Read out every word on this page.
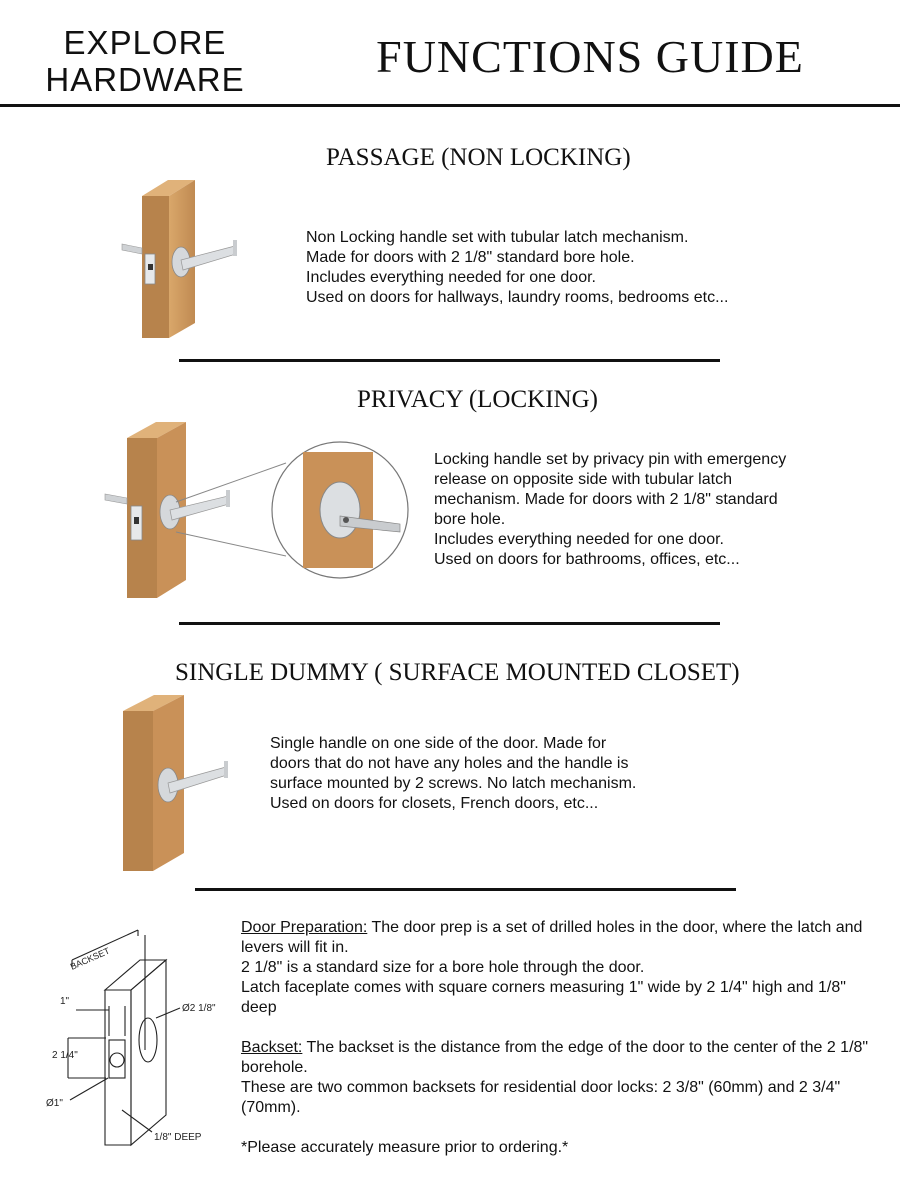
EXPLORE
HARDWARE	FUNCTIONS GUIDE
PASSAGE (NON LOCKING)

Non Locking handle set with tubular latch mechanism.

Made for doors with 2 1/8" standard bore hole.

Includes everything needed for one door.

Used on doors for hallways, laundry rooms, bedrooms etc...

PRIVACY (LOCKING)

Locking handle set by privacy pin with emergency

release on opposite side with tubular latch

mechanism. Made for doors with 2 1/8" standard

bore hole.

Includes everything needed for one door.

Used on doors for bathrooms, offices, etc...

SINGLE DUMMY ( SURFACE MOUNTED CLOSET)

Single handle on one side of the door. Made for

doors that do not have any holes and the handle is

surface mounted by 2 screws. No latch mechanism.

Used on doors for closets, French doors, etc...

BACKSET
Ø2 1/8"
1"
2 1/4"
Ø1"
1/8" DEEP

Door Preparation: The door prep is a set of drilled holes in the door, where the latch and levers will fit in.

2 1/8" is a standard size for a bore hole through the door.

Latch faceplate comes with square corners measuring 1" wide by 2 1/4" high and 1/8" deep

Backset: The backset is the distance from the edge of the door to the center of the 2 1/8" borehole.

These are two common backsets for residential door locks: 2 3/8" (60mm) and 2 3/4" (70mm).

*Please accurately measure prior to ordering.*
